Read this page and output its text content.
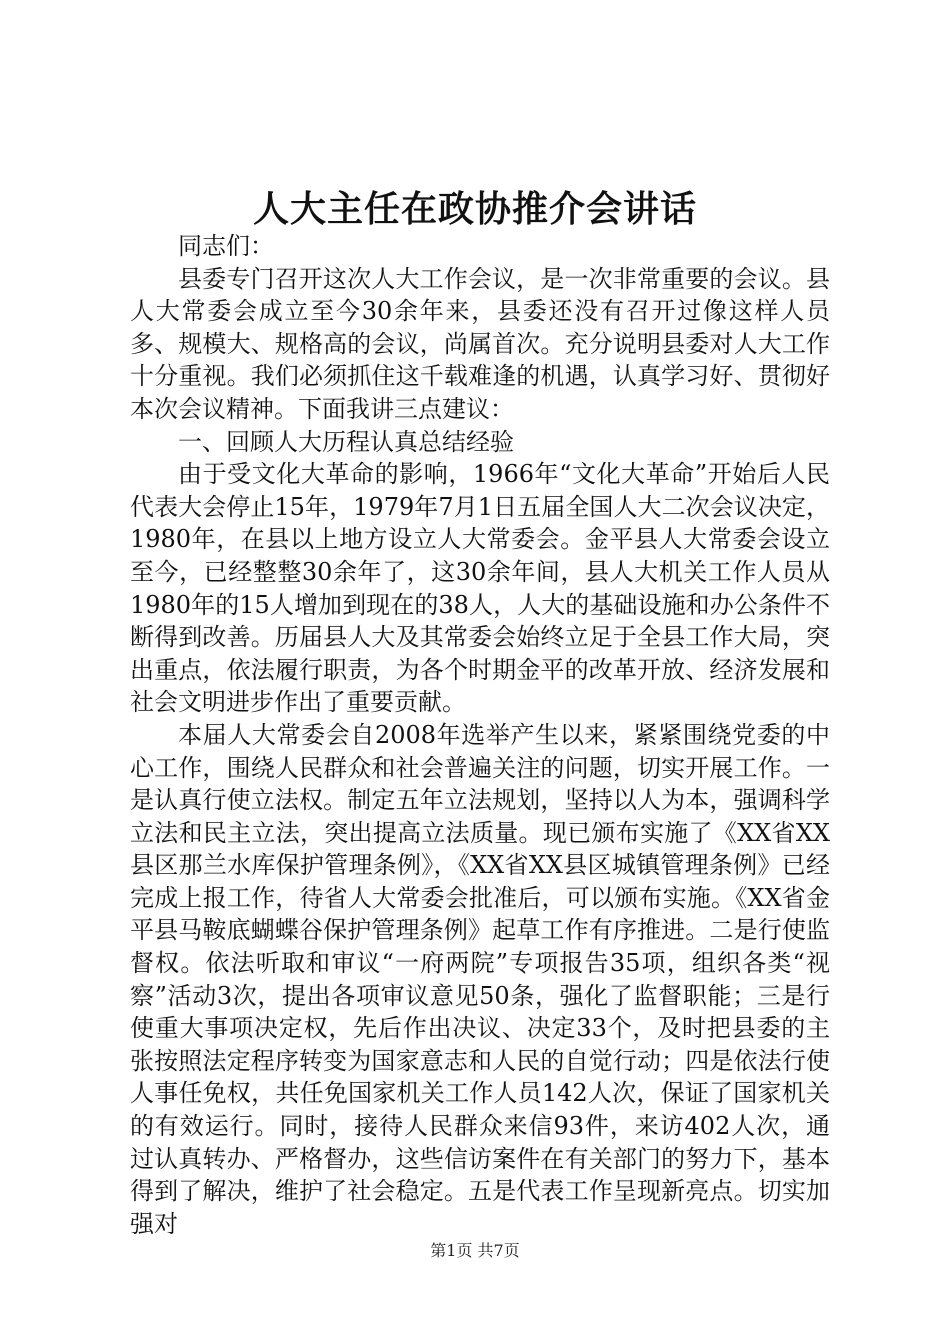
人大主任在政协推介会讲话

同志们：

县委专门召开这次人大工作会议，是一次非常重要的会议。县人大常委会成立至今30余年来，县委还没有召开过像这样人员多、规模大、规格高的会议，尚属首次。充分说明县委对人大工作十分重视。我们必须抓住这千载难逢的机遇，认真学习好、贯彻好本次会议精神。下面我讲三点建议：

一、回顾人大历程认真总结经验

由于受文化大革命的影响，1966年“文化大革命”开始后人民代表大会停止15年，1979年7月1日五届全国人大二次会议决定，1980年，在县以上地方设立人大常委会。金平县人大常委会设立至今，已经整整30余年了，这30余年间，县人大机关工作人员从1980年的15人增加到现在的38人，人大的基础设施和办公条件不断得到改善。历届县人大及其常委会始终立足于全县工作大局，突出重点，依法履行职责，为各个时期金平的改革开放、经济发展和社会文明进步作出了重要贡献。

本届人大常委会自2008年选举产生以来，紧紧围绕党委的中心工作，围绕人民群众和社会普遍关注的问题，切实开展工作。一是认真行使立法权。制定五年立法规划，坚持以人为本，强调科学立法和民主立法，突出提高立法质量。现已颁布实施了《XX省XX县区那兰水库保护管理条例》，《XX省XX县区城镇管理条例》已经完成上报工作，待省人大常委会批准后，可以颁布实施。《XX省金平县马鞍底蝴蝶谷保护管理条例》起草工作有序推进。二是行使监督权。依法听取和审议“一府两院”专项报告35项，组织各类“视察”活动3次，提出各项审议意见50条，强化了监督职能；三是行使重大事项决定权，先后作出决议、决定33个，及时把县委的主张按照法定程序转变为国家意志和人民的自觉行动；四是依法行使人事任免权，共任免国家机关工作人员142人次，保证了国家机关的有效运行。同时，接待人民群众来信93件，来访402人次，通过认真转办、严格督办，这些信访案件在有关部门的努力下，基本得到了解决，维护了社会稳定。五是代表工作呈现新亮点。切实加强对

第1页 共7页
